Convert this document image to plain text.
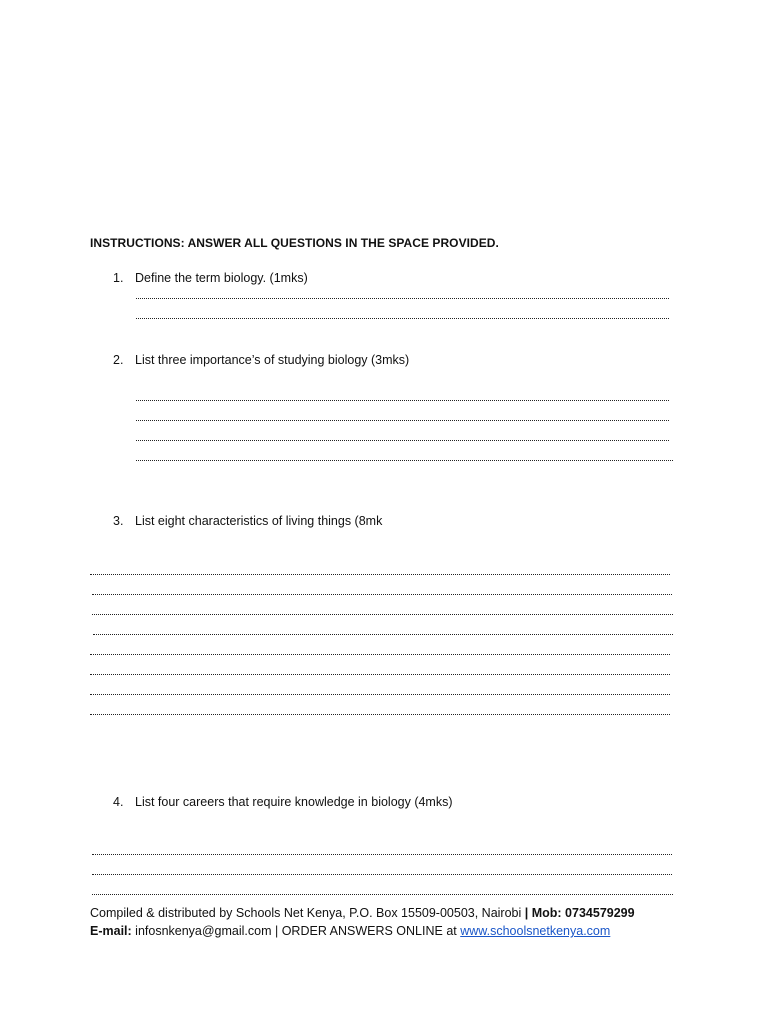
INSTRUCTIONS: ANSWER ALL QUESTIONS IN THE SPACE PROVIDED.
1. Define the term biology. (1mks)
2. List three importance’s of studying biology (3mks)
3. List eight characteristics of living things (8mk
4. List four careers that require knowledge in biology (4mks)
Compiled & distributed by Schools Net Kenya, P.O. Box 15509-00503, Nairobi | Mob: 0734579299
E-mail: infosnkenya@gmail.com | ORDER ANSWERS ONLINE at www.schoolsnetkenya.com
